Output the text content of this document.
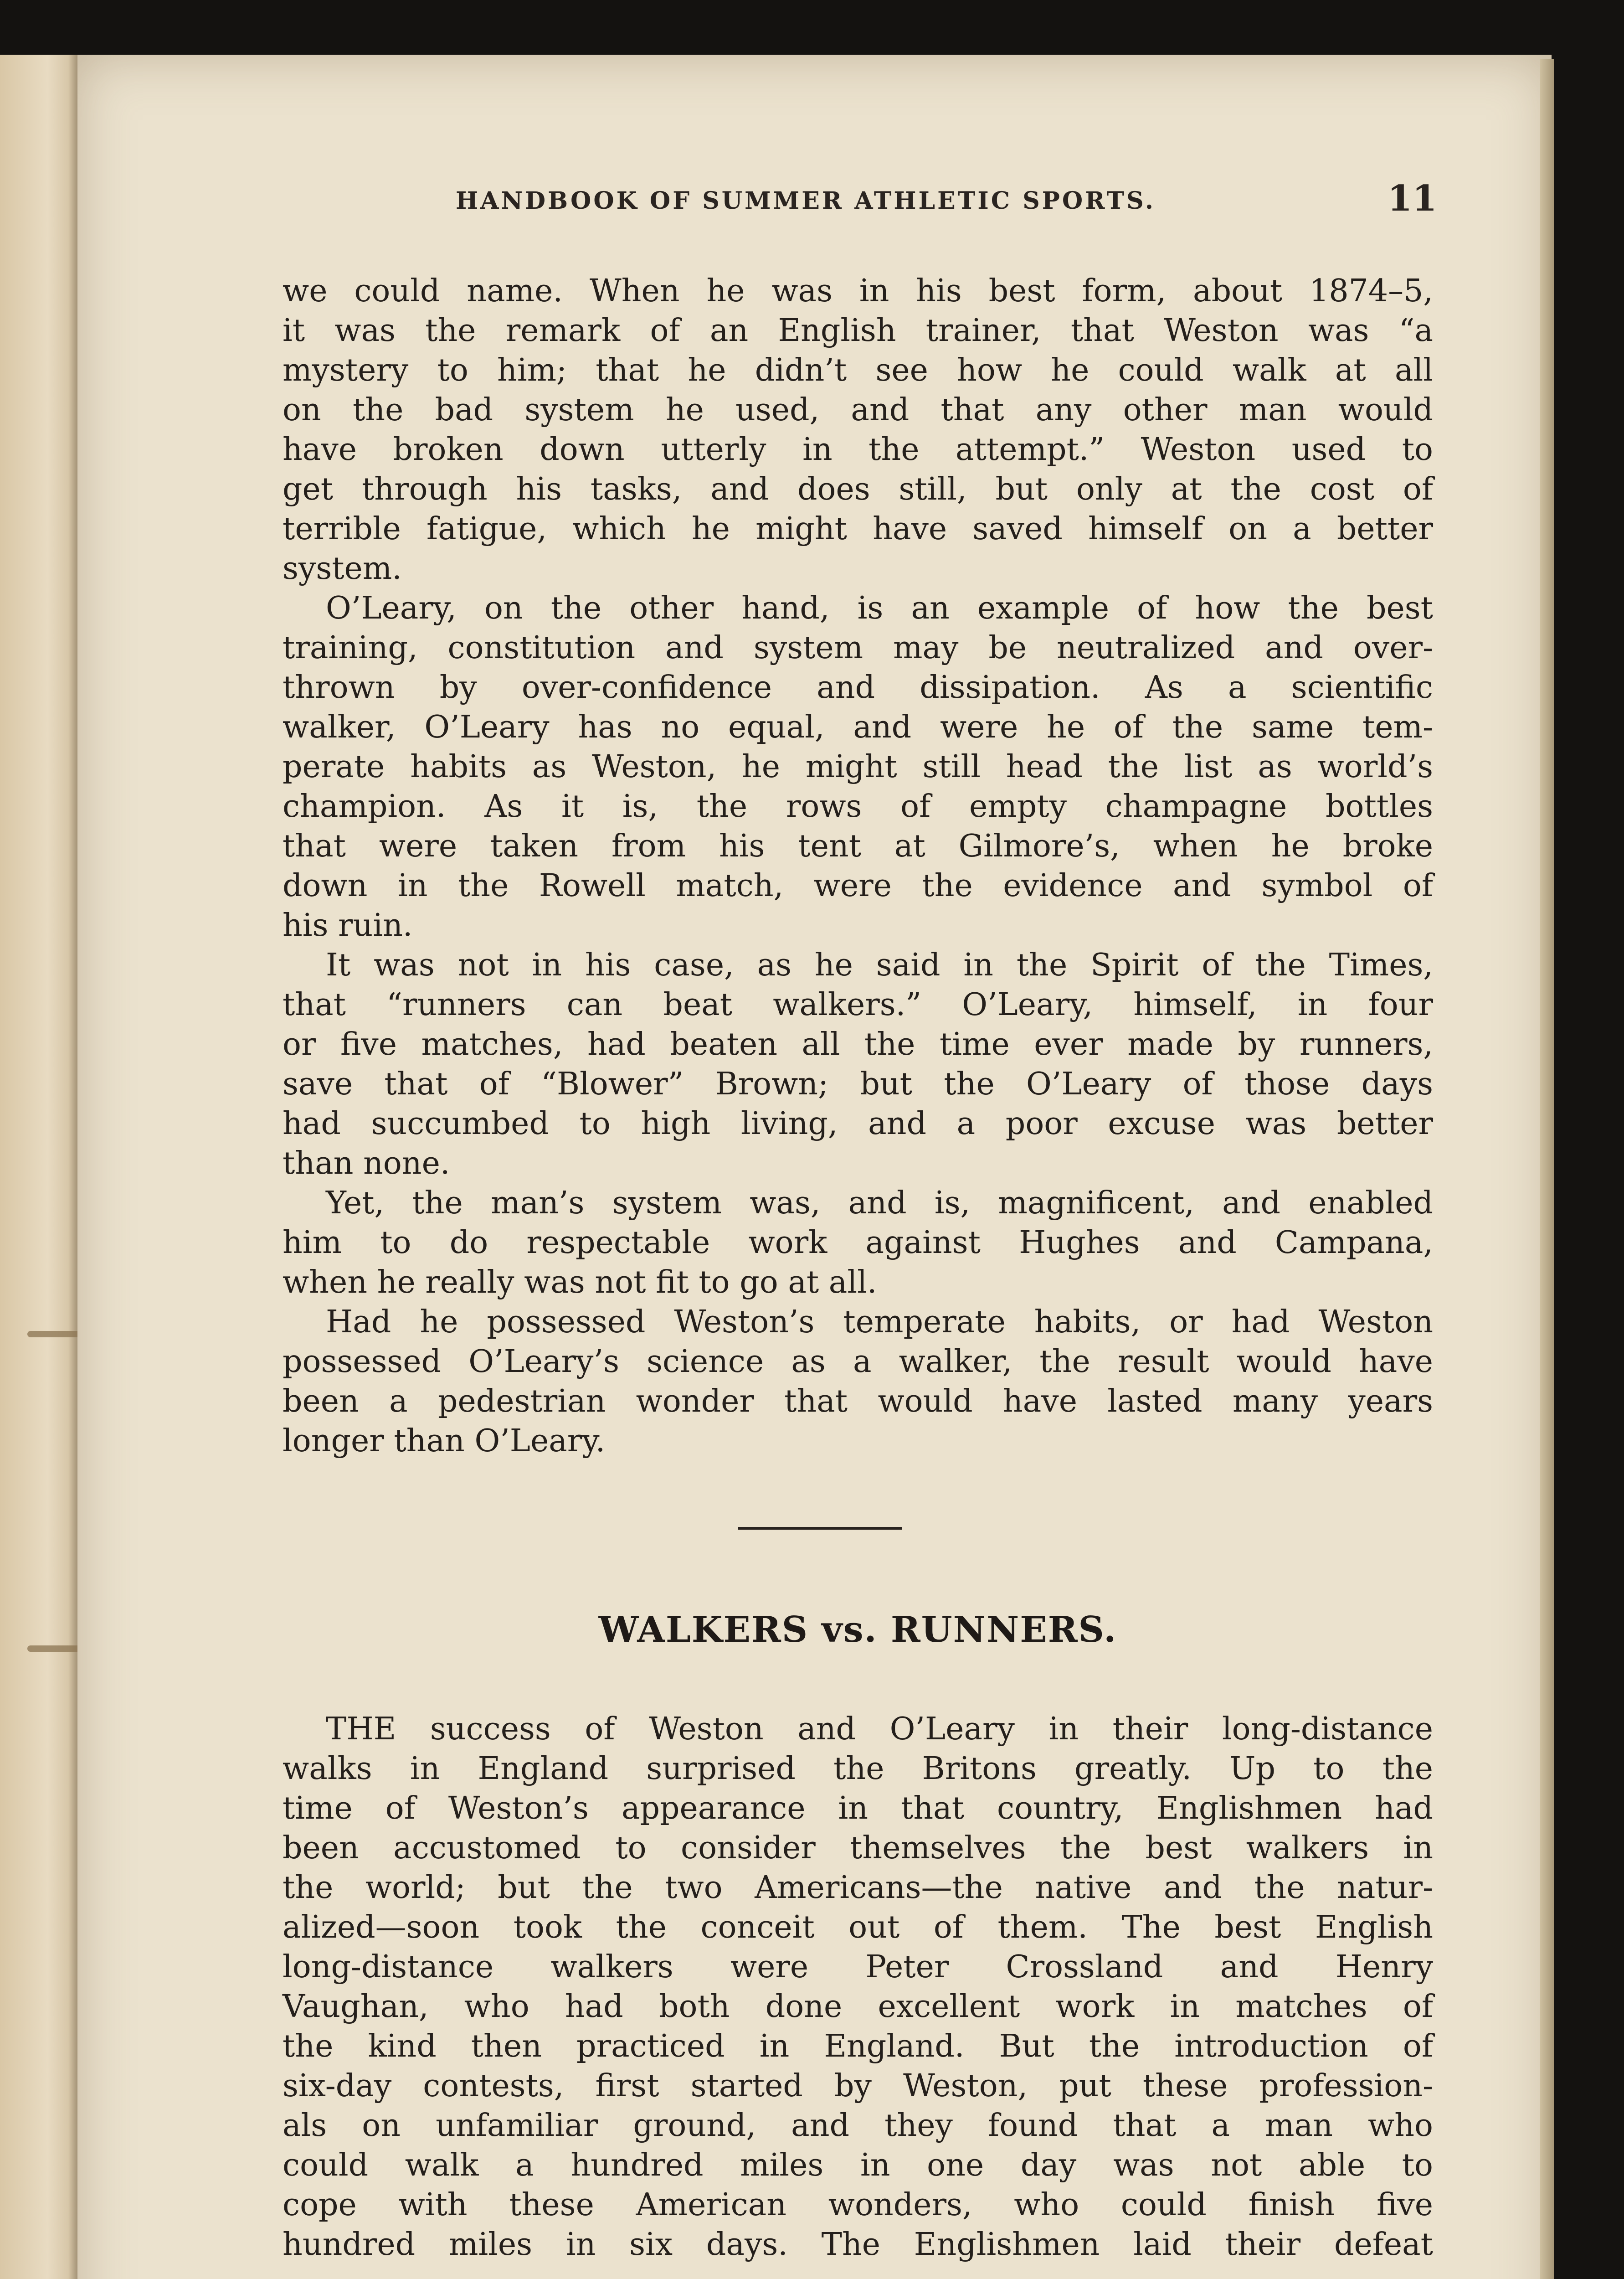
HANDBOOK OF SUMMER ATHLETIC SPORTS.	11
we could name. When he was in his best form, about 1874–5,
it was the remark of an English trainer, that Weston was “a
mystery to him; that he didn’t see how he could walk at all
on the bad system he used, and that any other man would
have broken down utterly in the attempt.” Weston used to
get through his tasks, and does still, but only at the cost of
terrible fatigue, which he might have saved himself on a better
system.
O’Leary, on the other hand, is an example of how the best
training, constitution and system may be neutralized and over-
thrown by over-confidence and dissipation. As a scientific
walker, O’Leary has no equal, and were he of the same tem-
perate habits as Weston, he might still head the list as world’s
champion. As it is, the rows of empty champagne bottles
that were taken from his tent at Gilmore’s, when he broke
down in the Rowell match, were the evidence and symbol of
his ruin.
It was not in his case, as he said in the Spirit of the Times,
that “runners can beat walkers.” O’Leary, himself, in four
or five matches, had beaten all the time ever made by runners,
save that of “Blower” Brown; but the O’Leary of those days
had succumbed to high living, and a poor excuse was better
than none.
Yet, the man’s system was, and is, magnificent, and enabled
him to do respectable work against Hughes and Campana,
when he really was not fit to go at all.
Had he possessed Weston’s temperate habits, or had Weston
possessed O’Leary’s science as a walker, the result would have
been a pedestrian wonder that would have lasted many years
longer than O’Leary.
WALKERS vs. RUNNERS.
THE success of Weston and O’Leary in their long-distance
walks in England surprised the Britons greatly. Up to the
time of Weston’s appearance in that country, Englishmen had
been accustomed to consider themselves the best walkers in
the world; but the two Americans—the native and the natur-
alized—soon took the conceit out of them. The best English
long-distance walkers were Peter Crossland and Henry
Vaughan, who had both done excellent work in matches of
the kind then practiced in England. But the introduction of
six-day contests, first started by Weston, put these profession-
als on unfamiliar ground, and they found that a man who
could walk a hundred miles in one day was not able to
cope with these American wonders, who could finish five
hundred miles in six days. The Englishmen laid their defeat
